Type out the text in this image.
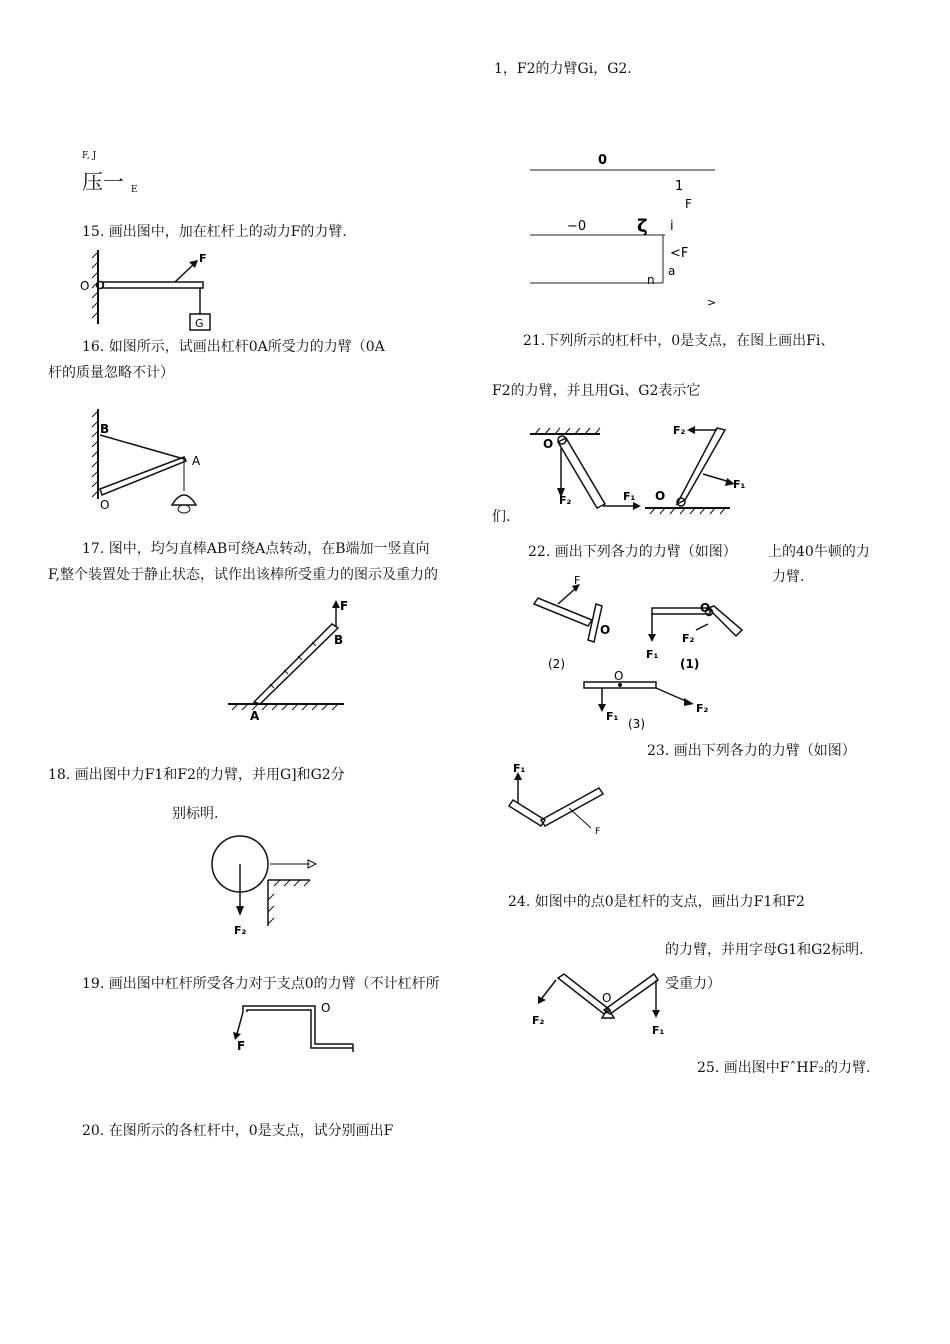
1，F2的力臂Gi，G2.
0
1
F
−0	ζ i
<F
a
n
>
21.下列所示的杠杆中，0是支点，在图上画出Fi、
F2的力臂，并且用Gi、G2表示它
O
F₂	F₁
F₂
F₁
O
们.
22. 画出下列各力的力臂（如图） 上的40牛顿的力
力臂.
F
O
(2)
O
F₁
F₂
(1)
O
F₁
(3)
F₂
23. 画出下列各力的力臂（如图）
F₁
F
24. 如图中的点0是杠杆的支点，画出力F1和F2
的力臂，并用字母G1和G2标明.
受重力）
F₂
O
F₁
25. 画出图中FˆHF₂的力臂.
F, J
压一 E
15. 画出图中，加在杠杆上的动力F的力臂.
O
F
G
16. 如图所示，试画出杠杆0A所受力的力臂（0A
杆的质量忽略不计）
B
A
O
17. 图中，均匀直棒AB可绕A点转动，在B端加一竖直向
F,整个装置处于静止状态，试作出该棒所受重力的图示及重力的
F
B
A
18. 画出图中力F1和F2的力臂，并用G]和G2分
别标明.
F₂
19. 画出图中杠杆所受各力对于支点0的力臂（不计杠杆所
O
F
20. 在图所示的各杠杆中，0是支点，试分别画出F
